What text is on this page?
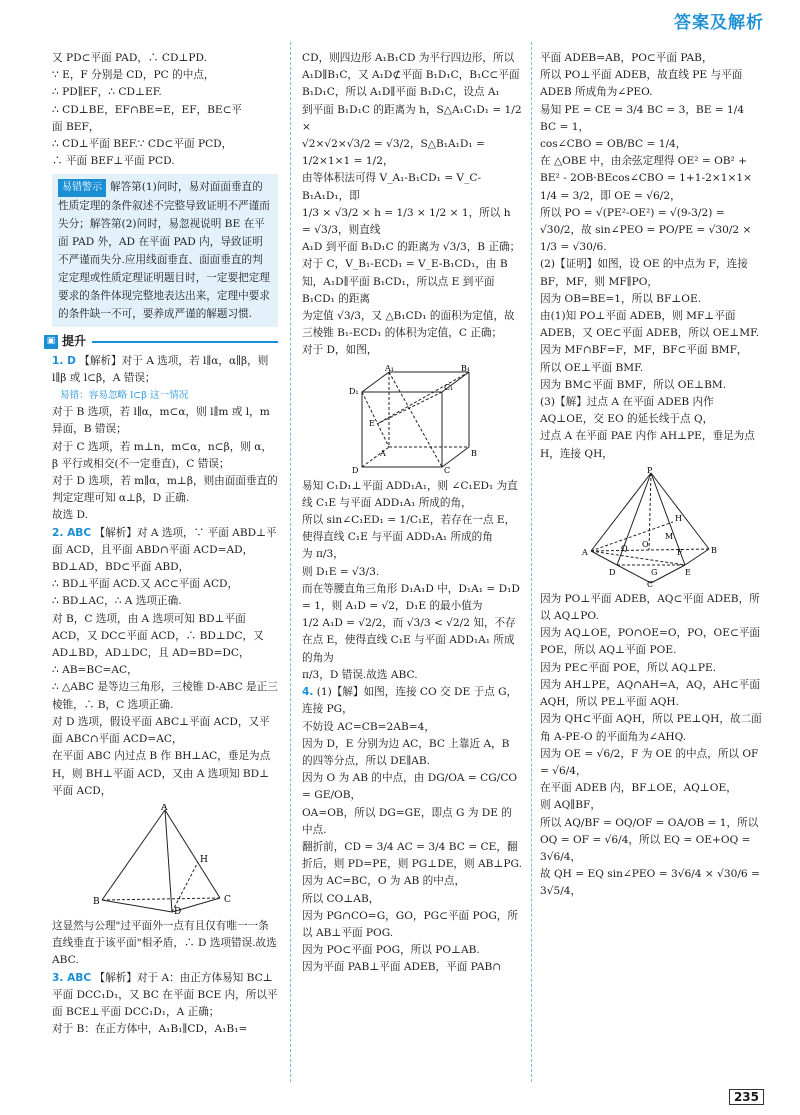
答案及解析

又 PD⊂平面 PAD，∴ CD⊥PD.

∵ E，F 分别是 CD，PC 的中点，

∴ PD∥EF，∴ CD⊥EF.

∴ CD⊥BE，EF∩BE=E，EF，BE⊂平

面 BEF，

∴ CD⊥平面 BEF.∵ CD⊂平面 PCD，

∴ 平面 BEF⊥平面 PCD.

易错警示 解答第(1)问时，易对面面垂直的性质定理的条件叙述不完整导致证明不严谨而失分；解答第(2)问时，易忽视说明 BE 在平面 PAD 外，AD 在平面 PAD 内，导致证明不严谨而失分.应用线面垂直、面面垂直的判定定理或性质定理证明题目时，一定要把定理要求的条件体现完整地表达出来，定理中要求的条件缺一不可，要养成严谨的解题习惯.
▣ 提升

1. D 【解析】对于 A 选项，若 l∥α，α∥β，则 l∥β 或 l⊂β，A 错误；

易错：容易忽略 l⊂β 这一情况

对于 B 选项，若 l∥α，m⊂α，则 l∥m 或 l，m 异面，B 错误；

对于 C 选项，若 m⊥n，m⊂α，n⊂β，则 α，β 平行或相交(不一定垂直)，C 错误；

对于 D 选项，若 m∥α，m⊥β，则由面面垂直的判定定理可知 α⊥β，D 正确.

故选 D.

2. ABC 【解析】对 A 选项，∵ 平面 ABD⊥平面 ACD，且平面 ABD∩平面 ACD=AD，BD⊥AD，BD⊂平面 ABD，

∴ BD⊥平面 ACD.又 AC⊂平面 ACD，

∴ BD⊥AC，∴ A 选项正确.

对 B，C 选项，由 A 选项可知 BD⊥平面 ACD，又 DC⊂平面 ACD，∴ BD⊥DC，又 AD⊥BD，AD⊥DC，且 AD=BD=DC，

∴ AB=BC=AC，

∴ △ABC 是等边三角形，三棱锥 D-ABC 是正三棱锥，∴ B，C 选项正确.

对 D 选项，假设平面 ABC⊥平面 ACD，又平面 ABC∩平面 ACD=AC，

在平面 ABC 内过点 B 作 BH⊥AC，垂足为点 H，则 BH⊥平面 ACD，又由 A 选项知 BD⊥平面 ACD，

A
B	C
D
H

这显然与公理"过平面外一点有且仅有唯一一条直线垂直于该平面"相矛盾，∴ D 选项错误.故选 ABC.

3. ABC 【解析】对于 A：由正方体易知 BC⊥平面 DCC₁D₁，又 BC 在平面 BCE 内，所以平面 BCE⊥平面 DCC₁D₁，A 正确；

对于 B：在正方体中，A₁B₁∥CD，A₁B₁=

CD，则四边形 A₁B₁CD 为平行四边形，所以 A₁D∥B₁C，又 A₁D⊄平面 B₁D₁C，B₁C⊂平面 B₁D₁C，所以 A₁D∥平面 B₁D₁C，设点 A₁

到平面 B₁D₁C 的距离为 h，S△A₁C₁D₁ = 1/2 ×

√2×√2×√3/2 = √3/2，S△B₁A₁D₁ = 1/2×1×1 = 1/2，

由等体积法可得 V_A₁-B₁CD₁ = V_C-B₁A₁D₁，即

1/3 × √3/2 × h = 1/3 × 1/2 × 1，所以 h = √3/3，则直线

A₁D 到平面 B₁D₁C 的距离为 √3/3，B 正确；

对于 C，V_B₁-ECD₁ = V_E-B₁CD₁，由 B 知，A₁D∥平面 B₁CD₁，所以点 E 到平面 B₁CD₁ 的距离

为定值 √3/3，又 △B₁CD₁ 的面积为定值，故

三棱锥 B₁-ECD₁ 的体积为定值，C 正确；

对于 D，如图，

A₁	B₁
C₁
D₁
A	B
C
D
E

易知 C₁D₁⊥平面 ADD₁A₁，则 ∠C₁ED₁ 为直线 C₁E 与平面 ADD₁A₁ 所成的角，

所以 sin∠C₁ED₁ = 1/C₁E，若存在一点 E，使得直线 C₁E 与平面 ADD₁A₁ 所成的角

为 π/3，

则 D₁E = √3/3.

而在等腰直角三角形 D₁A₁D 中，D₁A₁ = D₁D = 1，则 A₁D = √2，D₁E 的最小值为

1/2 A₁D = √2/2，而 √3/3 < √2/2 知，不存在点 E，使得直线 C₁E 与平面 ADD₁A₁ 所成的角为

π/3，D 错误.故选 ABC.

4. (1)【解】如图，连接 CO 交 DE 于点 G，连接 PG，

不妨设 AC=CB=2AB=4，

因为 D，E 分别为边 AC，BC 上靠近 A，B 的四等分点，所以 DE∥AB.

因为 O 为 AB 的中点，由 DG/OA = CG/CO = GE/OB，

OA=OB，所以 DG=GE，即点 G 为 DE 的中点.

翻折前，CD = 3/4 AC = 3/4 BC = CE，翻折后，则 PD=PE，则 PG⊥DE，则 AB⊥PG.

因为 AC=BC，O 为 AB 的中点，

所以 CO⊥AB，

因为 PG∩CO=G，GO，PG⊂平面 POG，所以 AB⊥平面 POG.

因为 PO⊂平面 POG，所以 PO⊥AB.

因为平面 PAB⊥平面 ADEB，平面 PAB∩

平面 ADEB=AB，PO⊂平面 PAB，

所以 PO⊥平面 ADEB，故直线 PE 与平面 ADEB 所成角为∠PEO.

易知 PE = CE = 3/4 BC = 3，BE = 1/4 BC = 1，

cos∠CBO = OB/BC = 1/4，

在 △OBE 中，由余弦定理得 OE² = OB² + BE² - 2OB·BEcos∠CBO = 1+1-2×1×1× 1/4 = 3/2，即 OE = √6/2，

所以 PO = √(PE²-OE²) = √(9-3/2) = √30/2，故 sin∠PEO = PO/PE = √30/2 × 1/3 = √30/6.

(2)【证明】如图，设 OE 的中点为 F，连接 BF，MF，则 MF∥PO，

因为 OB=BE=1，所以 BF⊥OE.

由(1)知 PO⊥平面 ADEB，则 MF⊥平面 ADEB，又 OE⊂平面 ADEB，所以 OE⊥MF.

因为 MF∩BF=F，MF，BF⊂平面 BMF，

所以 OE⊥平面 BMF.

因为 BM⊂平面 BMF，所以 OE⊥BM.

(3)【解】过点 A 在平面 ADEB 内作 AQ⊥OE，交 EO 的延长线于点 Q，

过点 A 在平面 PAE 内作 AH⊥PE，垂足为点 H，连接 QH，

P
A	B
C
D	E
G
H
M
O
Q	F

因为 PO⊥平面 ADEB，AQ⊂平面 ADEB，所以 AQ⊥PO.

因为 AQ⊥OE，PO∩OE=O，PO，OE⊂平面 POE，所以 AQ⊥平面 POE.

因为 PE⊂平面 POE，所以 AQ⊥PE.

因为 AH⊥PE，AQ∩AH=A，AQ，AH⊂平面 AQH，所以 PE⊥平面 AQH.

因为 QH⊂平面 AQH，所以 PE⊥QH，故二面角 A-PE-O 的平面角为∠AHQ.

因为 OE = √6/2，F 为 OE 的中点，所以 OF = √6/4，

在平面 ADEB 内，BF⊥OE，AQ⊥OE，

则 AQ∥BF，

所以 AQ/BF = OQ/OF = OA/OB = 1，所以 OQ = OF = √6/4，所以 EQ = OE+OQ = 3√6/4，

故 QH = EQ sin∠PEO = 3√6/4 × √30/6 = 3√5/4，

235
